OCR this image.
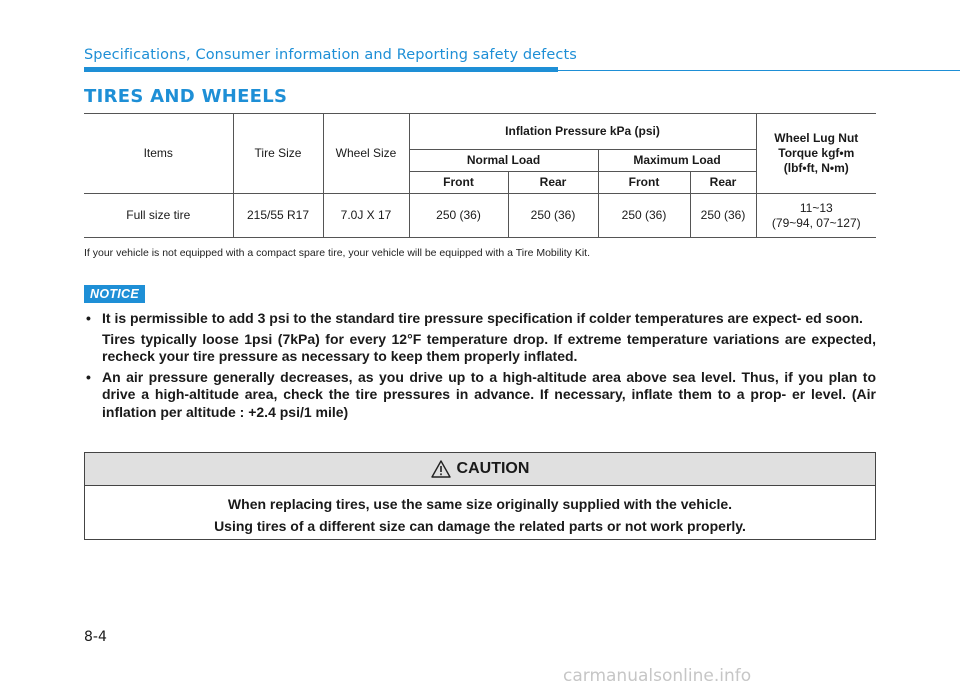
Specifications, Consumer information and Reporting safety defects
TIRES AND WHEELS
Items	Tire Size	Wheel Size	Inflation Pressure kPa (psi)				Wheel Lug Nut
Torque kgf•m
(lbf•ft, N•m)

			Normal Load		Maximum Load		
			Front	Rear	Front	Rear	
Full size tire	215/55 R17	7.0J X 17	250 (36)	250 (36)	250 (36)	250 (36)	11~13
(79~94, 07~127)
If your vehicle is not equipped with a compact spare tire, your vehicle will be equipped with a Tire Mobility Kit.
NOTICE
• It is permissible to add 3 psi to the standard tire pressure specification if colder temperatures are expect- ed soon.

Tires typically loose 1psi (7kPa) for every 12°F temperature drop. If extreme temperature variations are expected, recheck your tire pressure as necessary to keep them properly inflated.

• An air pressure generally decreases, as you drive up to a high-altitude area above sea level. Thus, if you plan to drive a high-altitude area, check the tire pressures in advance. If necessary, inflate them to a prop- er level. (Air inflation per altitude : +2.4 psi/1 mile)
CAUTION
When replacing tires, use the same size originally supplied with the vehicle.
Using tires of a different size can damage the related parts or not work properly.
8-4
carmanualsonline.info
